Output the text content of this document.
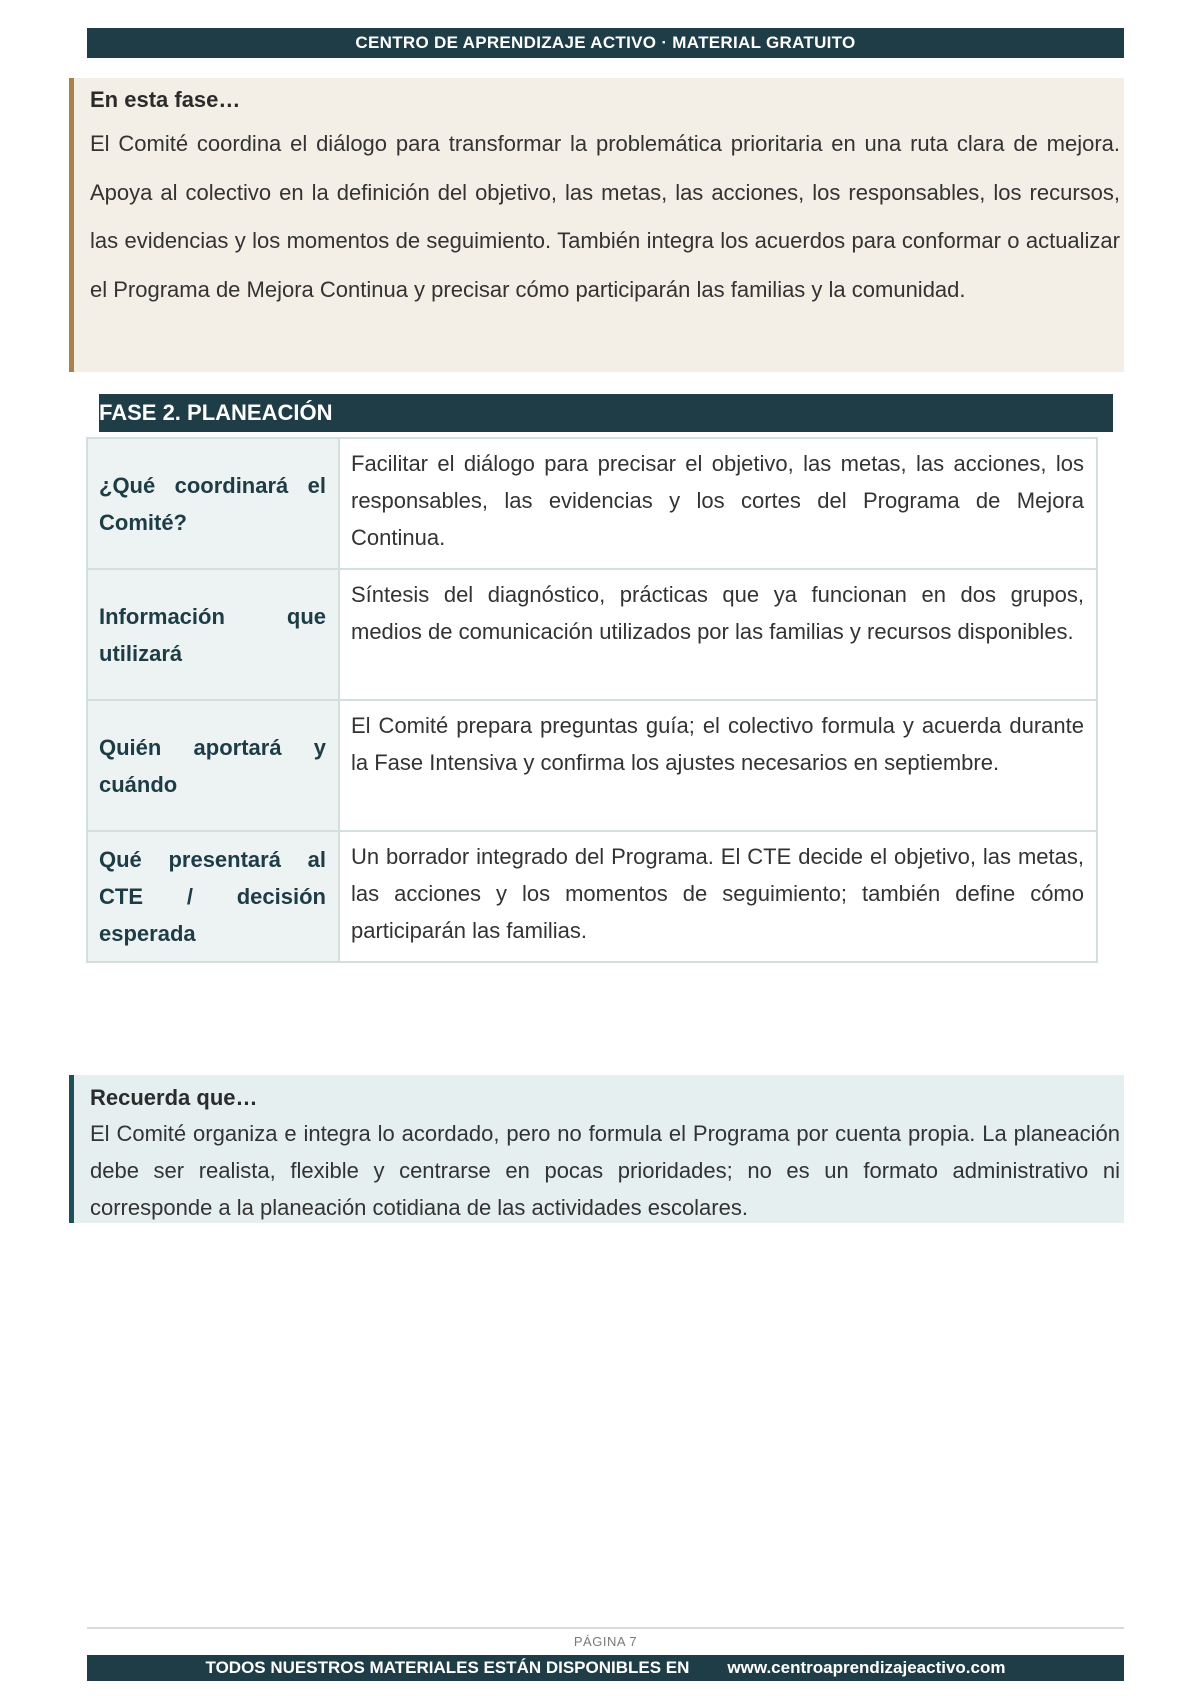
CENTRO DE APRENDIZAJE ACTIVO · MATERIAL GRATUITO
En esta fase…
El Comité coordina el diálogo para transformar la problemática prioritaria en una ruta clara de mejora. Apoya al colectivo en la definición del objetivo, las metas, las acciones, los responsables, los recursos, las evidencias y los momentos de seguimiento. También integra los acuerdos para conformar o actualizar el Programa de Mejora Continua y precisar cómo participarán las familias y la comunidad.
FASE 2. PLANEACIÓN
¿Qué coordinará el Comité?	Facilitar el diálogo para precisar el objetivo, las metas, las acciones, los responsables, las evidencias y los cortes del Programa de Mejora Continua.
Información que utilizará	Síntesis del diagnóstico, prácticas que ya funcionan en dos grupos, medios de comunicación utilizados por las familias y recursos disponibles.
Quién aportará y cuándo	El Comité prepara preguntas guía; el colectivo formula y acuerda durante la Fase Intensiva y confirma los ajustes necesarios en septiembre.
Qué presentará al CTE / decisión esperada	Un borrador integrado del Programa. El CTE decide el objetivo, las metas, las acciones y los momentos de seguimiento; también define cómo participarán las familias.
Recuerda que…
El Comité organiza e integra lo acordado, pero no formula el Programa por cuenta propia. La planeación debe ser realista, flexible y centrarse en pocas prioridades; no es un formato administrativo ni corresponde a la planeación cotidiana de las actividades escolares.
PÁGINA 7
TODOS NUESTROS MATERIALES ESTÁN DISPONIBLES EN www.centroaprendizajeactivo.com
